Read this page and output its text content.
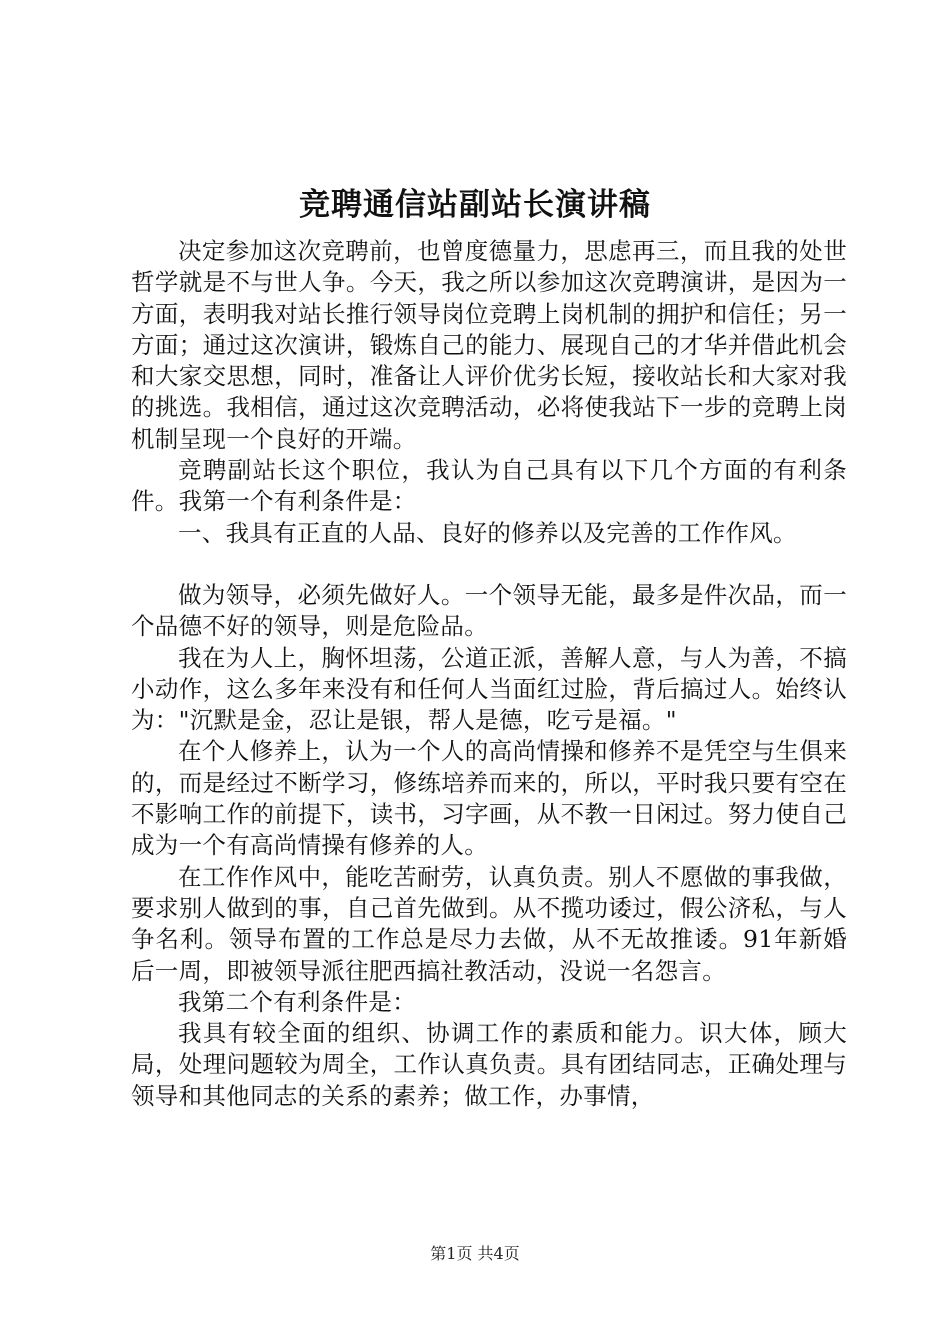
竞聘通信站副站长演讲稿

决定参加这次竞聘前，也曾度德量力，思虑再三，而且我的处世哲学就是不与世人争。今天，我之所以参加这次竞聘演讲，是因为一方面，表明我对站长推行领导岗位竞聘上岗机制的拥护和信任；另一方面；通过这次演讲，锻炼自己的能力、展现自己的才华并借此机会和大家交思想，同时，准备让人评价优劣长短，接收站长和大家对我的挑选。我相信，通过这次竞聘活动，必将使我站下一步的竞聘上岗机制呈现一个良好的开端。

竞聘副站长这个职位，我认为自己具有以下几个方面的有利条件。我第一个有利条件是：

一、我具有正直的人品、良好的修养以及完善的工作作风。

做为领导，必须先做好人。一个领导无能，最多是件次品，而一个品德不好的领导，则是危险品。

我在为人上，胸怀坦荡，公道正派，善解人意，与人为善，不搞小动作，这么多年来没有和任何人当面红过脸，背后搞过人。始终认为："沉默是金，忍让是银，帮人是德，吃亏是福。"

在个人修养上，认为一个人的高尚情操和修养不是凭空与生俱来的，而是经过不断学习，修练培养而来的，所以，平时我只要有空在不影响工作的前提下，读书，习字画，从不教一日闲过。努力使自己成为一个有高尚情操有修养的人。

在工作作风中，能吃苦耐劳，认真负责。别人不愿做的事我做，要求别人做到的事，自己首先做到。从不揽功诿过，假公济私，与人争名利。领导布置的工作总是尽力去做，从不无故推诿。91年新婚后一周，即被领导派往肥西搞社教活动，没说一名怨言。

我第二个有利条件是：

我具有较全面的组织、协调工作的素质和能力。识大体，顾大局，处理问题较为周全，工作认真负责。具有团结同志，正确处理与领导和其他同志的关系的素养；做工作，办事情，

第1页 共4页
